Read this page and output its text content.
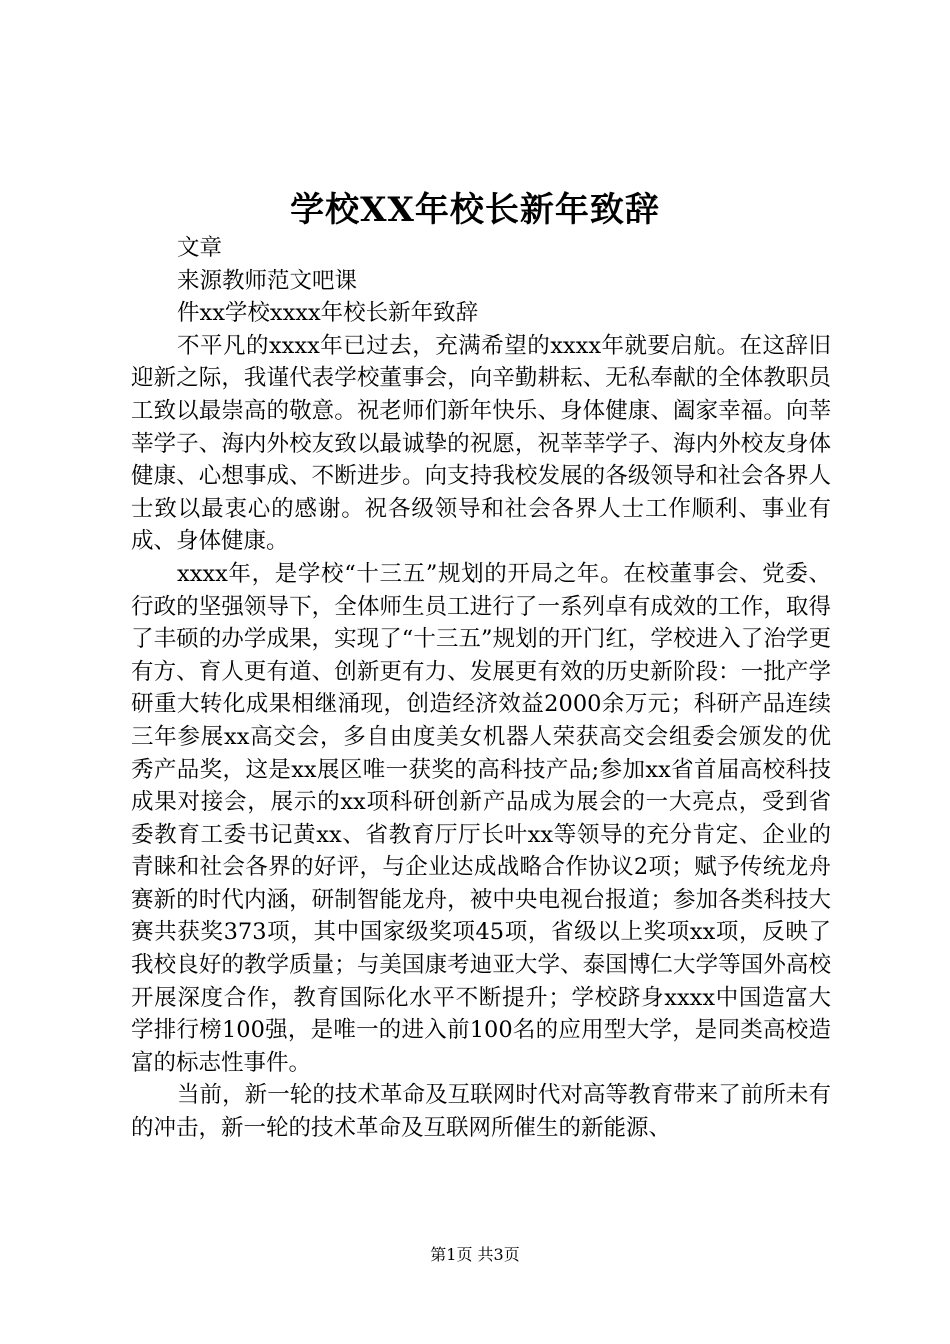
学校XX年校长新年致辞

文章

来源教师范文吧课

件xx学校xxxx年校长新年致辞

不平凡的xxxx年已过去，充满希望的xxxx年就要启航。在这辞旧迎新之际，我谨代表学校董事会，向辛勤耕耘、无私奉献的全体教职员工致以最崇高的敬意。祝老师们新年快乐、身体健康、阖家幸福。向莘莘学子、海内外校友致以最诚挚的祝愿，祝莘莘学子、海内外校友身体健康、心想事成、不断进步。向支持我校发展的各级领导和社会各界人士致以最衷心的感谢。祝各级领导和社会各界人士工作顺利、事业有成、身体健康。

xxxx年，是学校“十三五”规划的开局之年。在校董事会、党委、行政的坚强领导下，全体师生员工进行了一系列卓有成效的工作，取得了丰硕的办学成果，实现了“十三五”规划的开门红，学校进入了治学更有方、育人更有道、创新更有力、发展更有效的历史新阶段：一批产学研重大转化成果相继涌现，创造经济效益2000余万元；科研产品连续三年参展xx高交会，多自由度美女机器人荣获高交会组委会颁发的优秀产品奖，这是xx展区唯一获奖的高科技产品;参加xx省首届高校科技成果对接会，展示的xx项科研创新产品成为展会的一大亮点，受到省委教育工委书记黄xx、省教育厅厅长叶xx等领导的充分肯定、企业的青睐和社会各界的好评，与企业达成战略合作协议2项；赋予传统龙舟赛新的时代内涵，研制智能龙舟，被中央电视台报道；参加各类科技大赛共获奖373项，其中国家级奖项45项，省级以上奖项xx项，反映了我校良好的教学质量；与美国康考迪亚大学、泰国博仁大学等国外高校开展深度合作，教育国际化水平不断提升；学校跻身xxxx中国造富大学排行榜100强，是唯一的进入前100名的应用型大学，是同类高校造富的标志性事件。

当前，新一轮的技术革命及互联网时代对高等教育带来了前所未有的冲击，新一轮的技术革命及互联网所催生的新能源、

第1页 共3页
